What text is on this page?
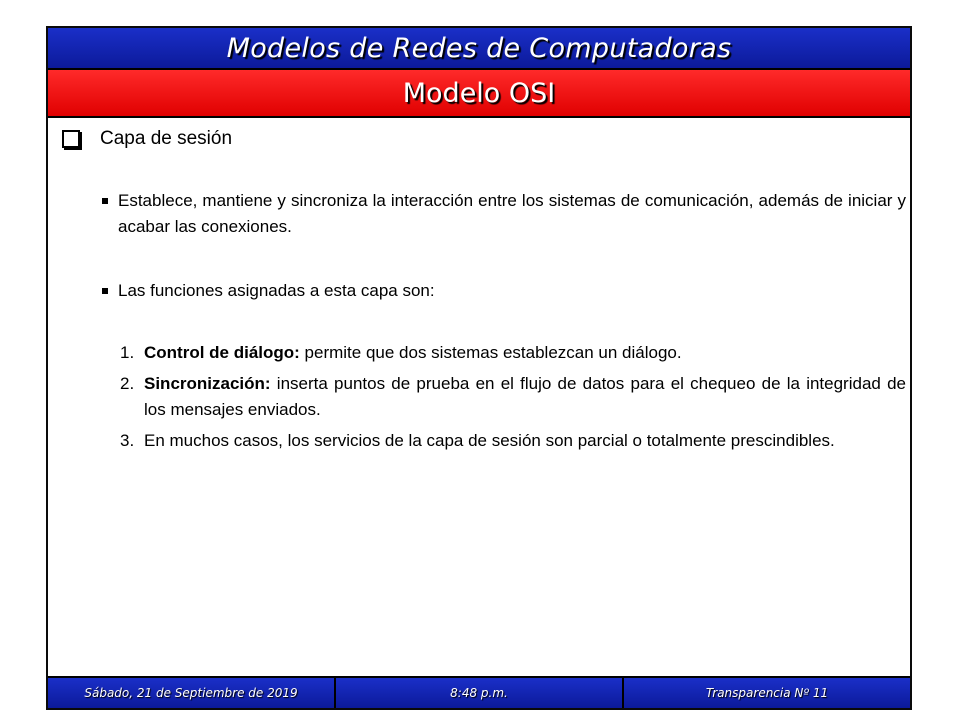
Modelos de Redes de Computadoras
Modelo OSI
Capa de sesión
Establece, mantiene y sincroniza la interacción entre los sistemas de comunicación, además de iniciar y acabar las conexiones.
Las funciones asignadas a esta capa son:
1. Control de diálogo: permite que dos sistemas establezcan un diálogo.
2. Sincronización: inserta puntos de prueba en el flujo de datos para el chequeo de la integridad de los mensajes enviados.
3. En muchos casos, los servicios de la capa de sesión son parcial o totalmente prescindibles.
Sábado, 21 de Septiembre de 2019	8:48 p.m.	Transparencia Nº 11
